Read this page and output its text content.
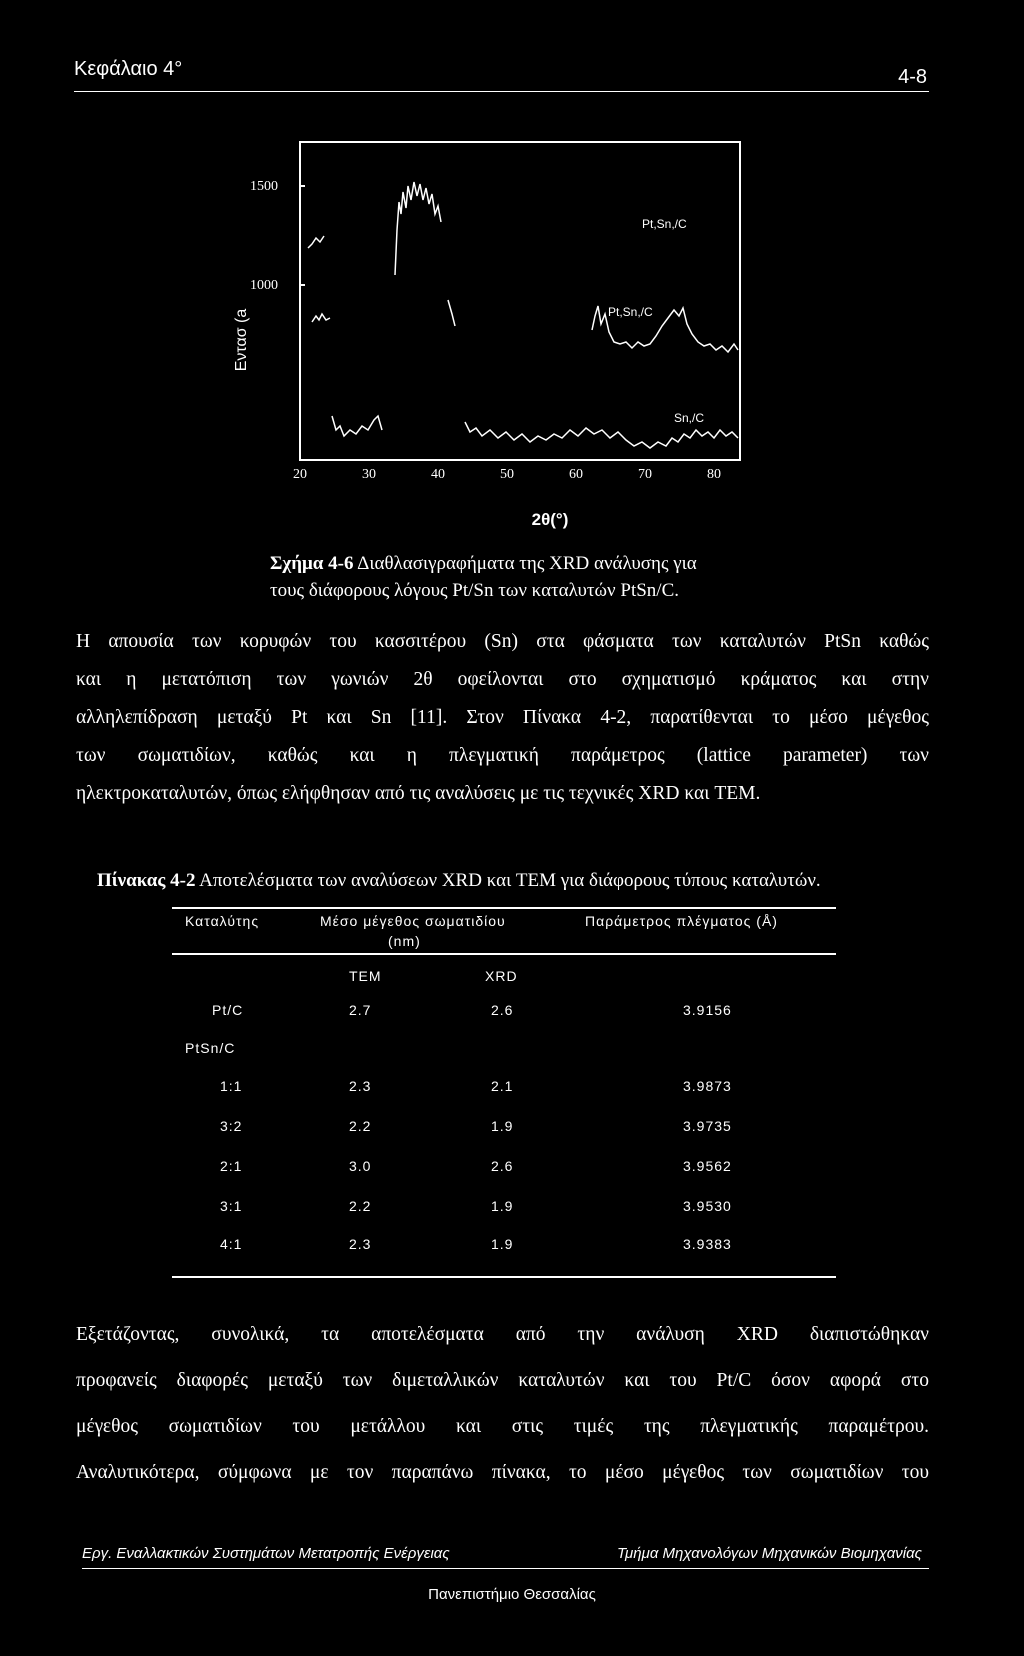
Κεφάλαιο 4°	4-8
1500
1000
Εντασ (a
20	30	40	50	60	70	80
2θ(°)
Pt,Sn,/C
Pt,Sn,/C
Sn,/C
Σχήμα 4-6 Διαθλασιγραφήματα της XRD ανάλυσης για
τους διάφορους λόγους Pt/Sn των καταλυτών PtSn/C.
Η απουσία των κορυφών του κασσιτέρου (Sn) στα φάσματα των καταλυτών PtSn καθώς
και η μετατόπιση των γωνιών 2θ οφείλονται στο σχηματισμό κράματος και στην
αλληλεπίδραση μεταξύ Pt και Sn [11]. Στον Πίνακα 4-2, παρατίθενται το μέσο μέγεθος
των σωματιδίων, καθώς και η πλεγματική παράμετρος (lattice parameter) των
ηλεκτροκαταλυτών, όπως ελήφθησαν από τις αναλύσεις με τις τεχνικές XRD και TEM.
Πίνακας 4-2 Αποτελέσματα των αναλύσεων XRD και TEM για διάφορους τύπους καταλυτών.
Καταλύτης	Μέσο μέγεθος σωματιδίου
(nm)
Παράμετρος πλέγματος (Å)
TEM	XRD
Pt/C	2.7	2.6	3.9156
PtSn/C
1:1	2.3	2.1	3.9873
3:2	2.2	1.9	3.9735
2:1	3.0	2.6	3.9562
3:1	2.2	1.9	3.9530
4:1	2.3	1.9	3.9383
Εξετάζοντας, συνολικά, τα αποτελέσματα από την ανάλυση XRD διαπιστώθηκαν
προφανείς διαφορές μεταξύ των διμεταλλικών καταλυτών και του Pt/C όσον αφορά στο
μέγεθος σωματιδίων του μετάλλου και στις τιμές της πλεγματικής παραμέτρου.
Αναλυτικότερα, σύμφωνα με τον παραπάνω πίνακα, το μέσο μέγεθος των σωματιδίων του
Εργ. Εναλλακτικών Συστημάτων Μετατροπής Ενέργειας	Τμήμα Μηχανολόγων Μηχανικών Βιομηχανίας
Πανεπιστήμιο Θεσσαλίας
